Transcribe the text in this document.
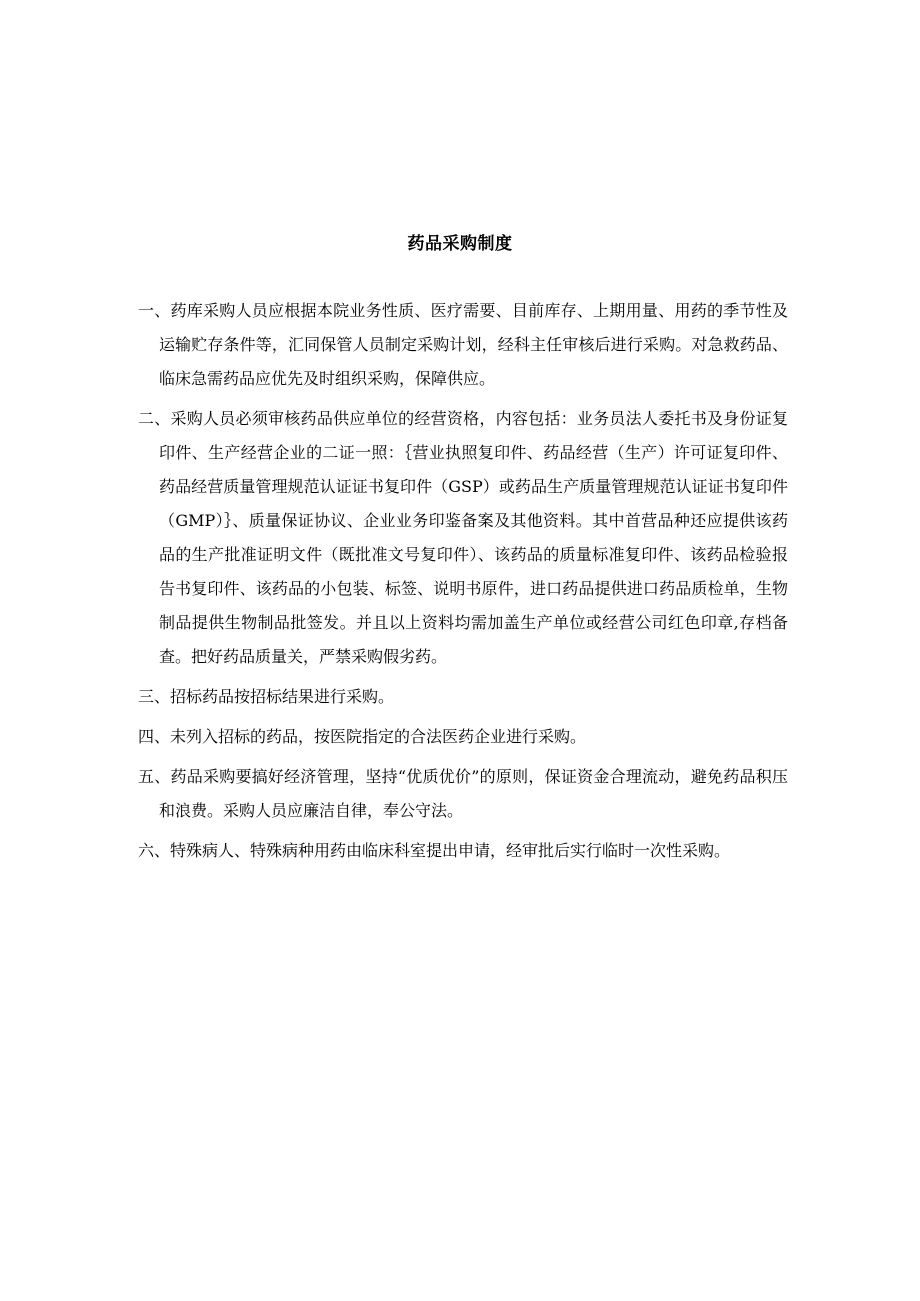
药品采购制度

一、药库采购人员应根据本院业务性质、医疗需要、目前库存、上期用量、用药的季节性及运输贮存条件等，汇同保管人员制定采购计划，经科主任审核后进行采购。对急救药品、临床急需药品应优先及时组织采购，保障供应。

二、采购人员必须审核药品供应单位的经营资格，内容包括：业务员法人委托书及身份证复印件、生产经营企业的二证一照：｛营业执照复印件、药品经营（生产）许可证复印件、药品经营质量管理规范认证证书复印件（GSP）或药品生产质量管理规范认证证书复印件（GMP）｝、质量保证协议、企业业务印鉴备案及其他资料。其中首营品种还应提供该药品的生产批准证明文件（既批准文号复印件）、该药品的质量标准复印件、该药品检验报告书复印件、该药品的小包装、标签、说明书原件，进口药品提供进口药品质检单，生物制品提供生物制品批签发。并且以上资料均需加盖生产单位或经营公司红色印章,存档备查。把好药品质量关，严禁采购假劣药。

三、招标药品按招标结果进行采购。

四、未列入招标的药品，按医院指定的合法医药企业进行采购。

五、药品采购要搞好经济管理，坚持“优质优价”的原则，保证资金合理流动，避免药品积压和浪费。采购人员应廉洁自律，奉公守法。

六、特殊病人、特殊病种用药由临床科室提出申请，经审批后实行临时一次性采购。
